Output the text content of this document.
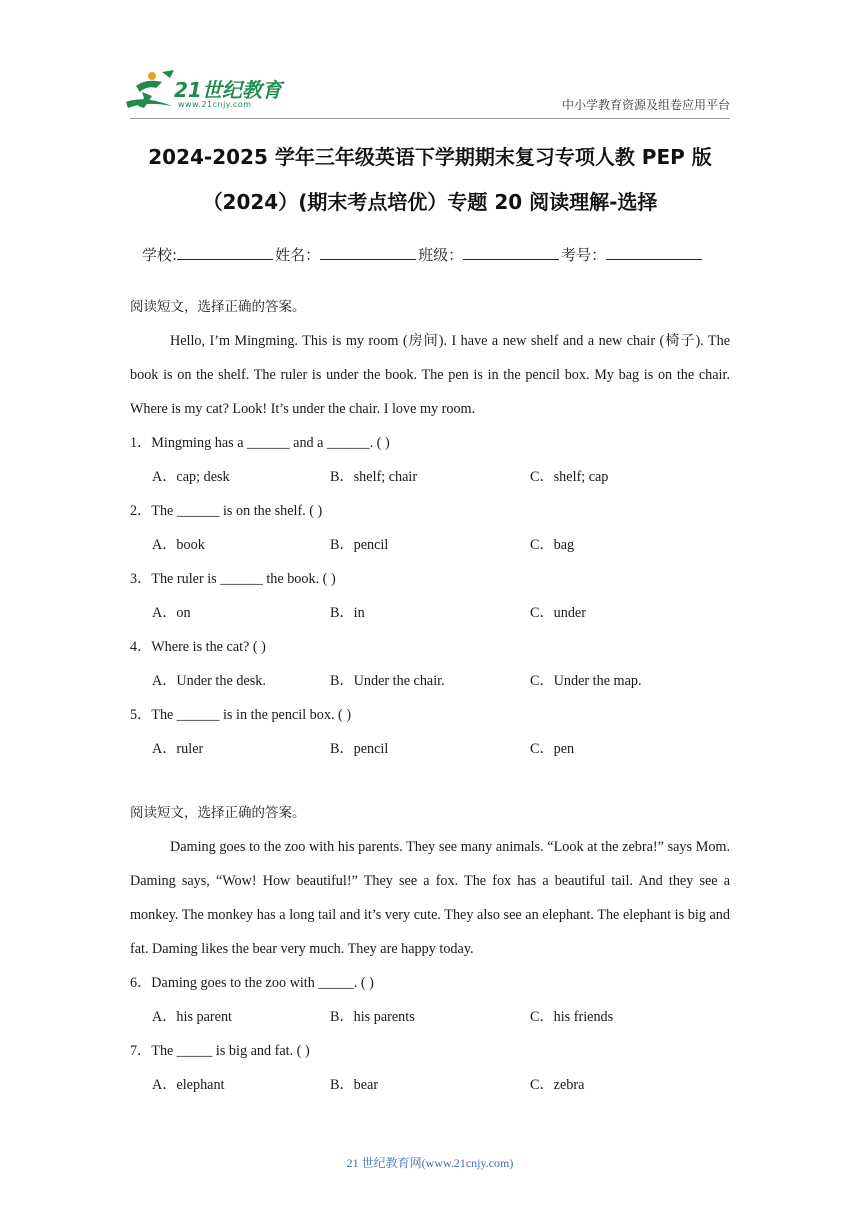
21世纪教育
www.21cnjy.com	中小学教育资源及组卷应用平台
2024-2025 学年三年级英语下学期期末复习专项人教 PEP 版
（2024）(期末考点培优）专题 20 阅读理解-选择
学校:	姓名：	班级：	考号：

阅读短文，选择正确的答案。

Hello, I’m Mingming. This is my room (房间). I have a new shelf and a new chair (椅子). The book is on the shelf. The ruler is under the book. The pen is in the pencil box. My bag is on the chair. Where is my cat? Look! It’s under the chair. I love my room.

1．Mingming has a ______ and a ______. ( )

A．cap; desk	B．shelf; chair	C．shelf; cap

2．The ______ is on the shelf. ( )

A．book	B．pencil	C．bag

3．The ruler is ______ the book. ( )

A．on	B．in	C．under

4．Where is the cat? ( )

A．Under the desk.	B．Under the chair.	C．Under the map.

5．The ______ is in the pencil box. ( )

A．ruler	B．pencil	C．pen

阅读短文，选择正确的答案。

Daming goes to the zoo with his parents. They see many animals. “Look at the zebra!” says Mom. Daming says, “Wow! How beautiful!” They see a fox. The fox has a beautiful tail. And they see a monkey. The monkey has a long tail and it’s very cute. They also see an elephant. The elephant is big and fat. Daming likes the bear very much. They are happy today.

6．Daming goes to the zoo with _____. ( )

A．his parent	B．his parents	C．his friends

7．The _____ is big and fat. ( )

A．elephant	B．bear	C．zebra
21 世纪教育网(www.21cnjy.com)
